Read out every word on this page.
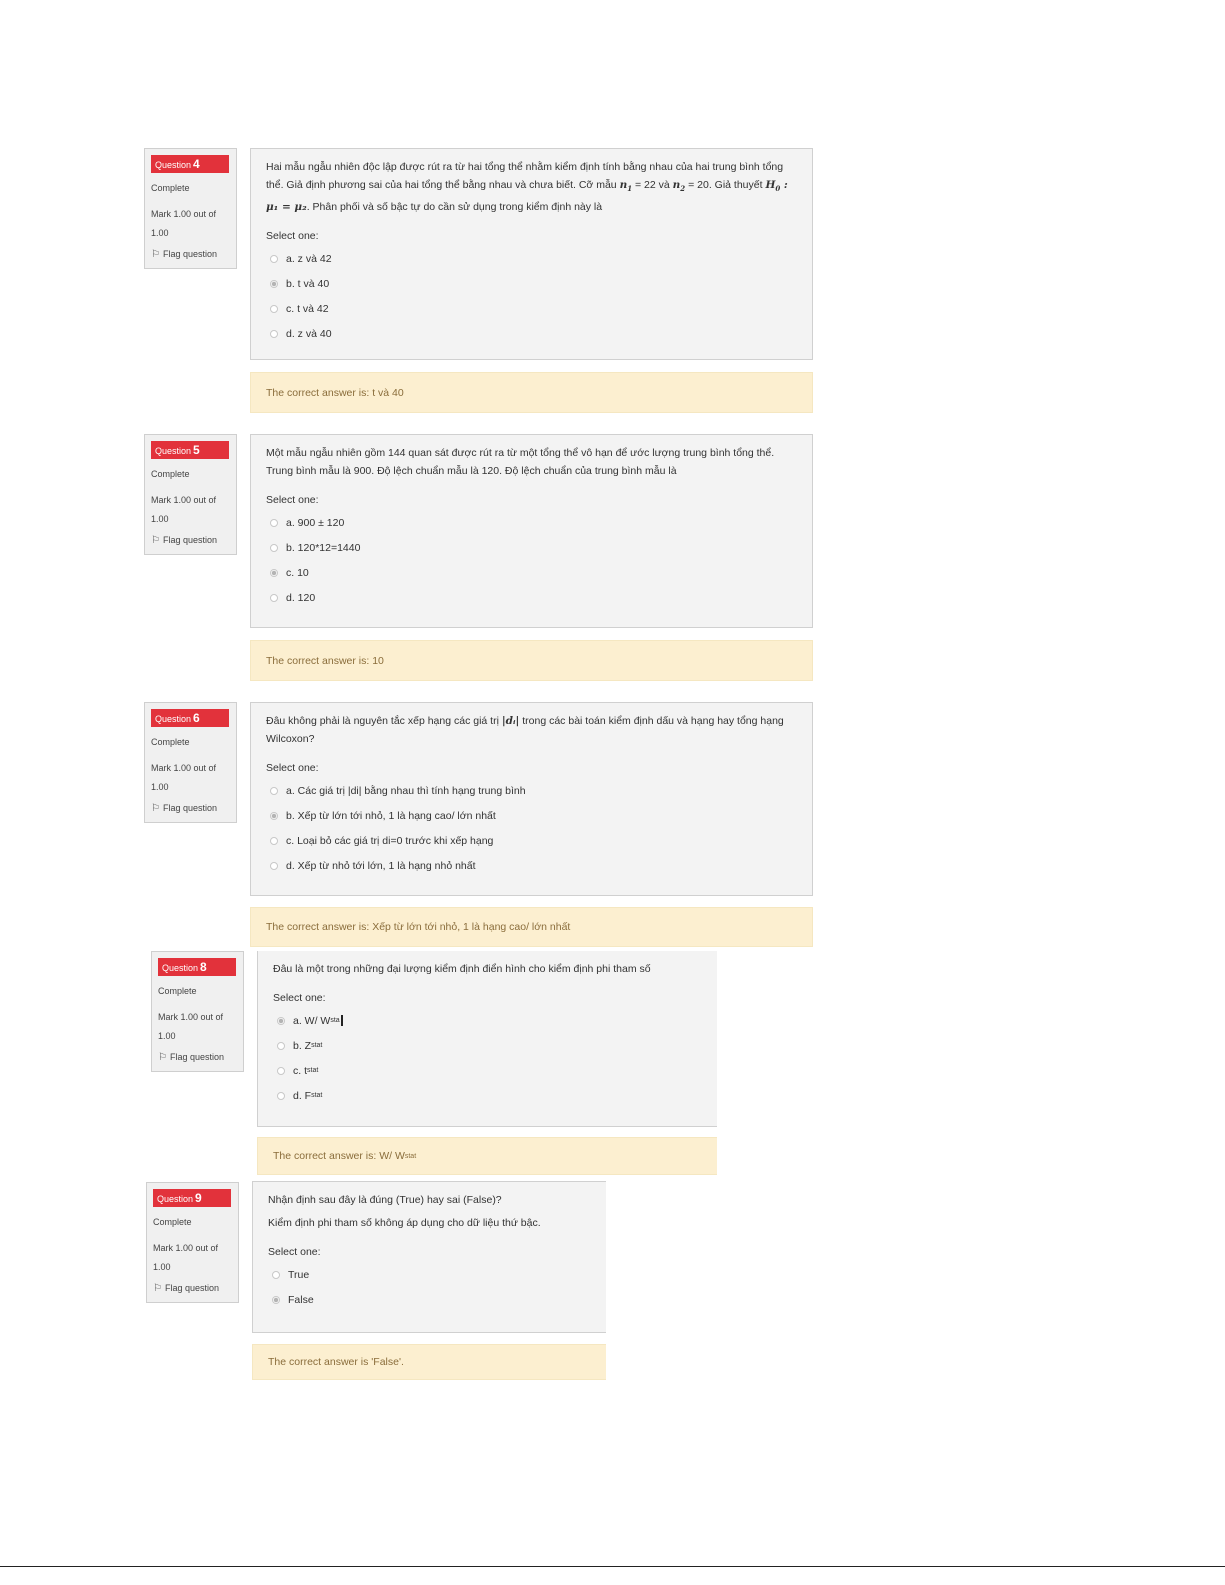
Question 4
Complete
Mark 1.00 out of
1.00
⚐ Flag question
Hai mẫu ngẫu nhiên độc lập được rút ra từ hai tổng thể nhằm kiểm định tính bằng nhau của hai trung bình tổng thể. Giả định phương sai của hai tổng thể bằng nhau và chưa biết. Cỡ mẫu $n_1 = 22$ và $n_2 = 20$. Giả thuyết $H_0$ : μ₁ = μ₂. Phân phối và số bậc tự do cần sử dụng trong kiểm định này là
Select one:
a. z và 42
b. t và 40
c. t và 42
d. z và 40
The correct answer is: t và 40
Question 5
Complete
Mark 1.00 out of
1.00
⚐ Flag question
Một mẫu ngẫu nhiên gồm 144 quan sát được rút ra từ một tổng thể vô hạn để ước lượng trung bình tổng thể. Trung bình mẫu là 900. Độ lệch chuẩn mẫu là 120. Độ lệch chuẩn của trung bình mẫu là
Select one:
a. 900 ± 120
b. 120*12=1440
c. 10
d. 120
The correct answer is: 10
Question 6
Complete
Mark 1.00 out of
1.00
⚐ Flag question
Đâu không phải là nguyên tắc xếp hạng các giá trị |dᵢ| trong các bài toán kiểm định dấu và hạng hay tổng hạng Wilcoxon?
Select one:
a. Các giá trị |di| bằng nhau thì tính hạng trung bình
b. Xếp từ lớn tới nhỏ, 1 là hạng cao/ lớn nhất
c. Loại bỏ các giá trị di=0 trước khi xếp hạng
d. Xếp từ nhỏ tới lớn, 1 là hạng nhỏ nhất
The correct answer is: Xếp từ lớn tới nhỏ, 1 là hạng cao/ lớn nhất
Question 8
Complete
Mark 1.00 out of
1.00
⚐ Flag question
Đâu là một trong những đại lượng kiểm định điển hình cho kiểm định phi tham số
Select one:
a. W/ W sta
b. Z stat
c. t stat
d. F stat
The correct answer is: W/ W stat
Question 9
Complete
Mark 1.00 out of
1.00
⚐ Flag question
Nhận định sau đây là đúng (True) hay sai (False)?
Kiểm định phi tham số không áp dụng cho dữ liệu thứ bậc.
Select one:
True
False
The correct answer is 'False'.
